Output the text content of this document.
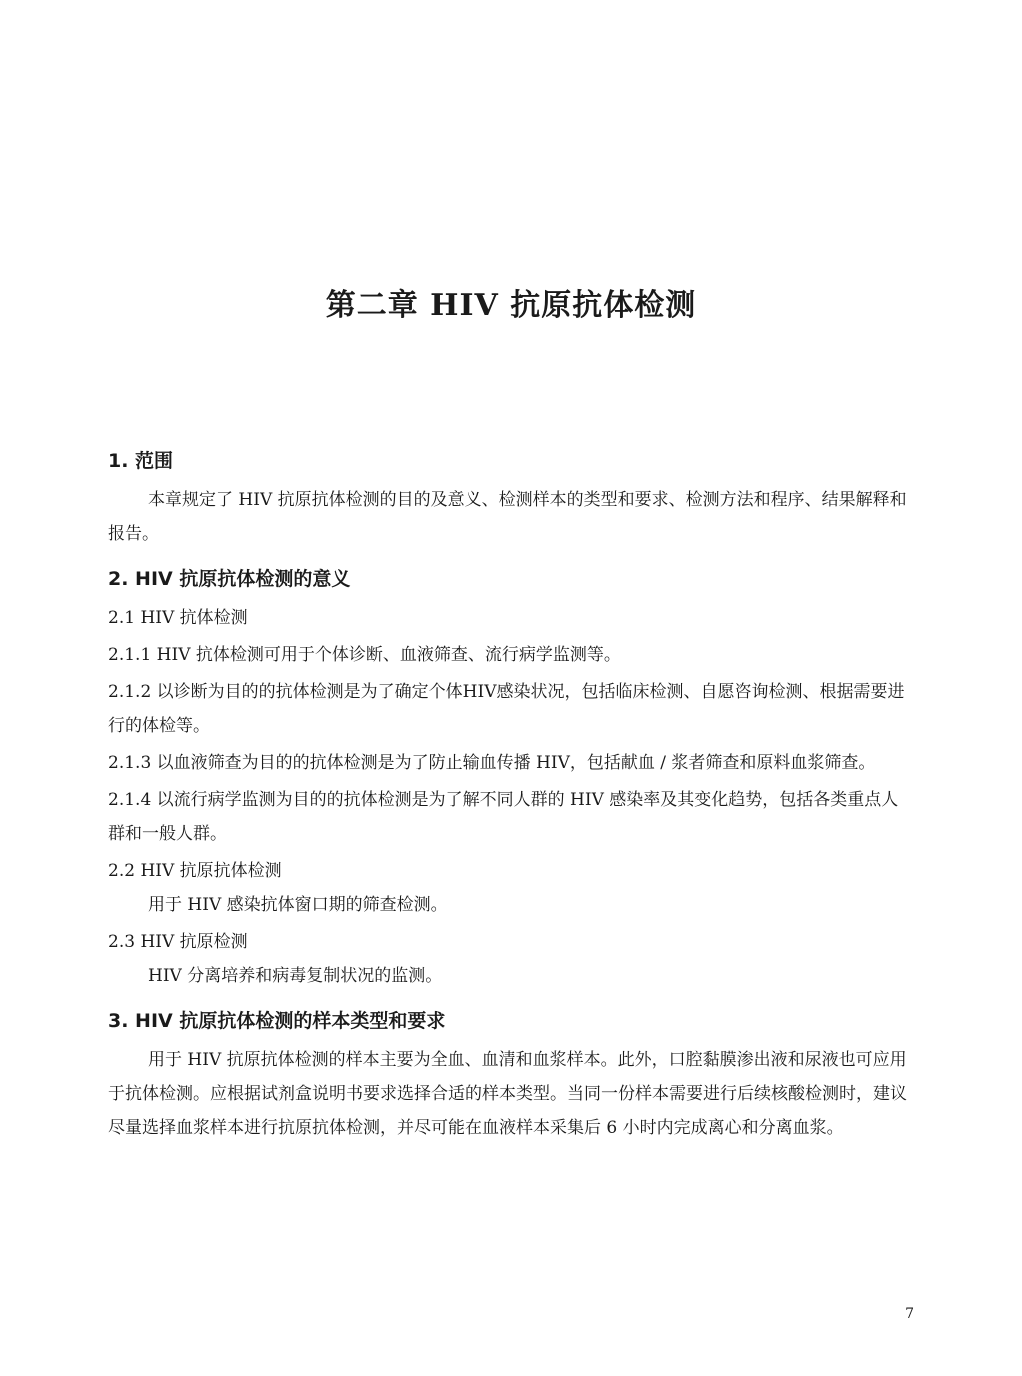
第二章 HIV 抗原抗体检测
1. 范围

本章规定了 HIV 抗原抗体检测的目的及意义、检测样本的类型和要求、检测方法和程序、结果解释和报告。

2. HIV 抗原抗体检测的意义

2.1 HIV 抗体检测

2.1.1 HIV 抗体检测可用于个体诊断、血液筛查、流行病学监测等。

2.1.2 以诊断为目的的抗体检测是为了确定个体HIV感染状况，包括临床检测、自愿咨询检测、根据需要进行的体检等。

2.1.3 以血液筛查为目的的抗体检测是为了防止输血传播 HIV，包括献血 / 浆者筛查和原料血浆筛查。

2.1.4 以流行病学监测为目的的抗体检测是为了解不同人群的 HIV 感染率及其变化趋势，包括各类重点人群和一般人群。

2.2 HIV 抗原抗体检测

用于 HIV 感染抗体窗口期的筛查检测。

2.3 HIV 抗原检测

HIV 分离培养和病毒复制状况的监测。

3. HIV 抗原抗体检测的样本类型和要求

用于 HIV 抗原抗体检测的样本主要为全血、血清和血浆样本。此外，口腔黏膜渗出液和尿液也可应用于抗体检测。应根据试剂盒说明书要求选择合适的样本类型。当同一份样本需要进行后续核酸检测时，建议尽量选择血浆样本进行抗原抗体检测，并尽可能在血液样本采集后 6 小时内完成离心和分离血浆。

7
